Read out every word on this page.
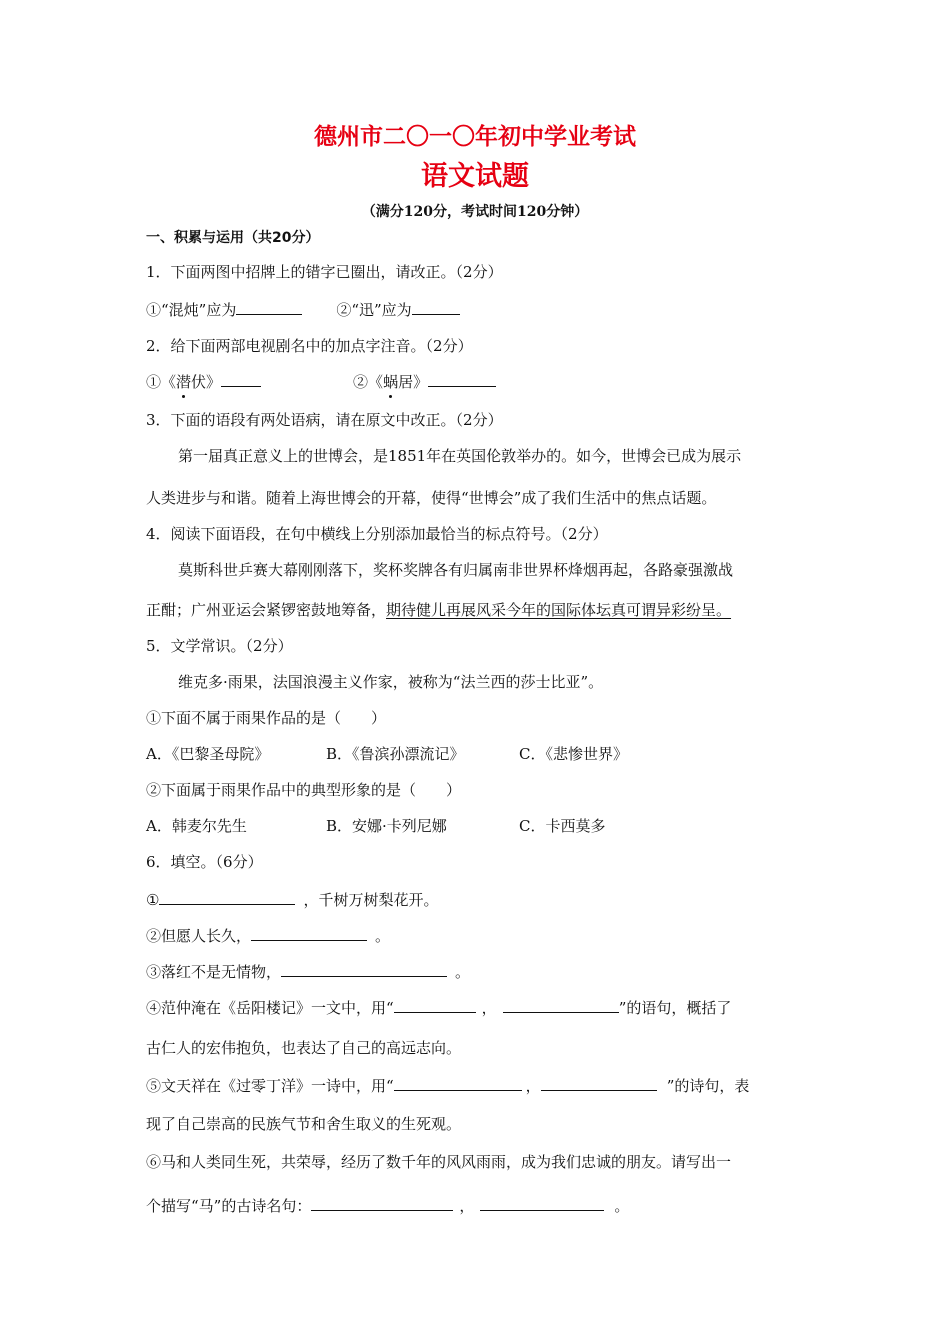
德州市二〇一〇年初中学业考试
语文试题
（满分120分，考试时间120分钟）
一、积累与运用（共20分）
1．下面两图中招牌上的错字已圈出，请改正。（2分）
①“混炖”应为	②“迅”应为
2．给下面两部电视剧名中的加点字注音。（2分）
①《潜伏》	②《蜗居》
3．下面的语段有两处语病，请在原文中改正。（2分）
第一届真正意义上的世博会，是1851年在英国伦敦举办的。如今，世博会已成为展示
人类进步与和谐。随着上海世博会的开幕，使得“世博会”成了我们生活中的焦点话题。
4．阅读下面语段，在句中横线上分别添加最恰当的标点符号。（2分）
莫斯科世乒赛大幕刚刚落下，奖杯奖牌各有归属南非世界杯烽烟再起，各路豪强激战
正酣；广州亚运会紧锣密鼓地筹备，期待健儿再展风采今年的国际体坛真可谓异彩纷呈。
5．文学常识。（2分）
维克多·雨果，法国浪漫主义作家，被称为“法兰西的莎士比亚”。
①下面不属于雨果作品的是（　　）
A．《巴黎圣母院》	B．《鲁滨孙漂流记》	C．《悲惨世界》
②下面属于雨果作品中的典型形象的是（　　）
A．韩麦尔先生	B．安娜·卡列尼娜	C．卡西莫多
6．填空。（6分）
①	，千树万树梨花开。
②但愿人长久，	。
③落红不是无情物，	。
④范仲淹在《岳阳楼记》一文中，用“	，	”的语句，概括了
古仁人的宏伟抱负，也表达了自己的高远志向。
⑤文天祥在《过零丁洋》一诗中，用“	，	”的诗句，表
现了自己崇高的民族气节和舍生取义的生死观。
⑥马和人类同生死，共荣辱，经历了数千年的风风雨雨，成为我们忠诚的朋友。请写出一
个描写“马”的古诗名句：	，	。
